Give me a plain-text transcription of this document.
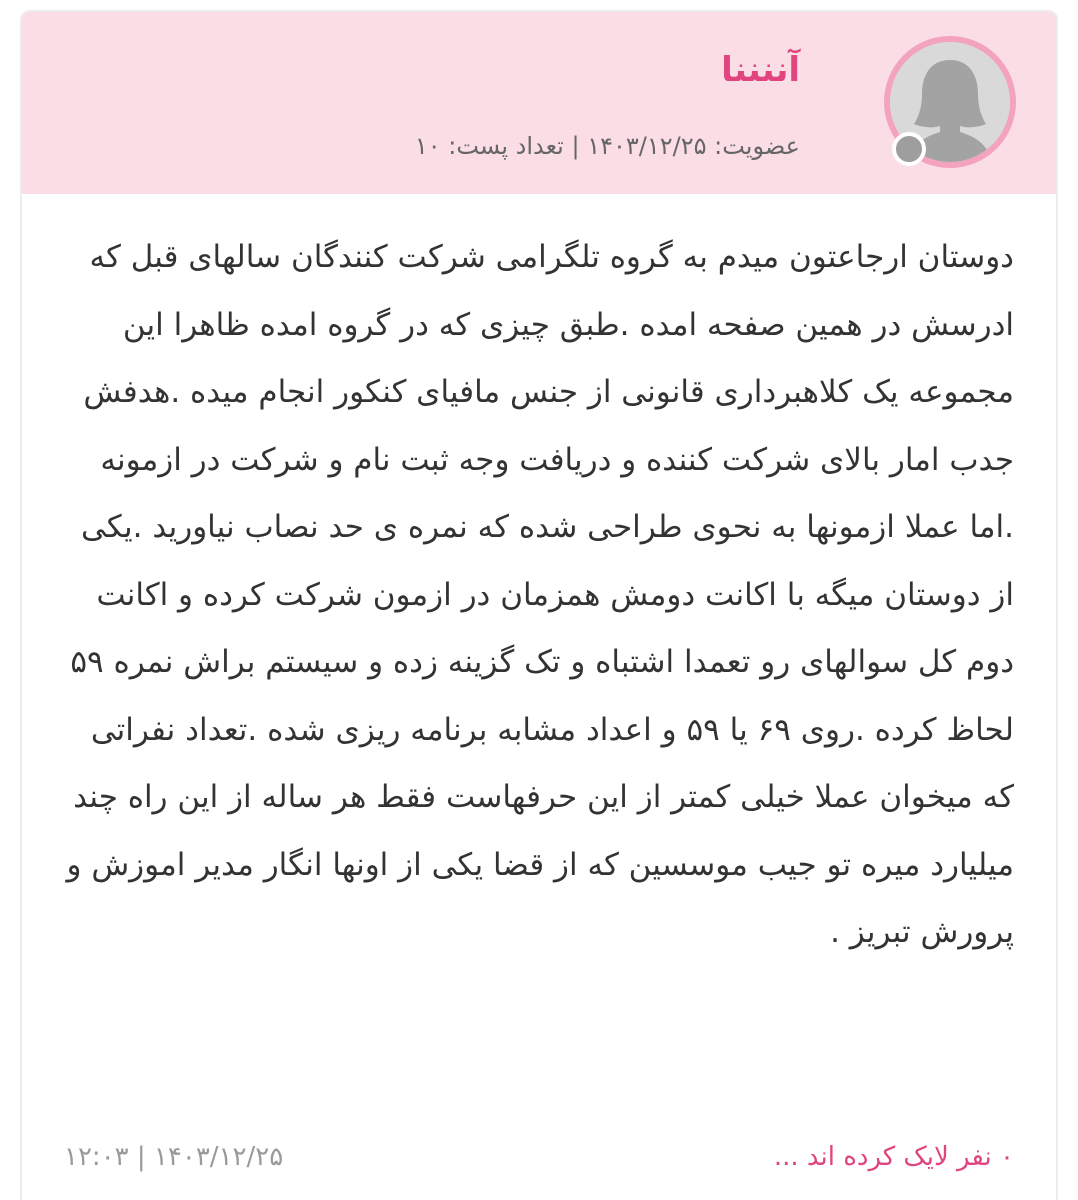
آننننا
عضویت: ۱۴۰۳/۱۲/۲۵ | تعداد پست: ۱۰

دوستان ارجاعتون میدم به گروه تلگرامی شرکت کنندگان سالهای قبل که ادرسش در همین صفحه امده .طبق چیزی که در گروه امده ظاهرا این مجموعه یک کلاهبرداری قانونی از جنس مافیای کنکور انجام میده .هدفش جدب امار بالای شرکت کننده و دریافت وجه ثبت نام و شرکت در ازمونه .اما عملا ازمونها به نحوی طراحی شده که نمره ی حد نصاب نیاورید .یکی از دوستان میگه با اکانت دومش همزمان در ازمون شرکت کرده و اکانت دوم کل سوالهای رو تعمدا اشتباه و تک گزینه زده و سیستم براش نمره ۵۹ لحاظ کرده .روی ۶۹ یا ۵۹ و اعداد مشابه برنامه ریزی شده .تعداد نفراتی که میخوان عملا خیلی کمتر از این حرفهاست فقط هر ساله از این راه چند میلیارد میره تو جیب موسسین که از قضا یکی از اونها انگار مدیر اموزش و پرورش تبریز .

۰ نفر لایک کرده اند ...
۱۴۰۳/۱۲/۲۵ | ۱۲:۰۳
